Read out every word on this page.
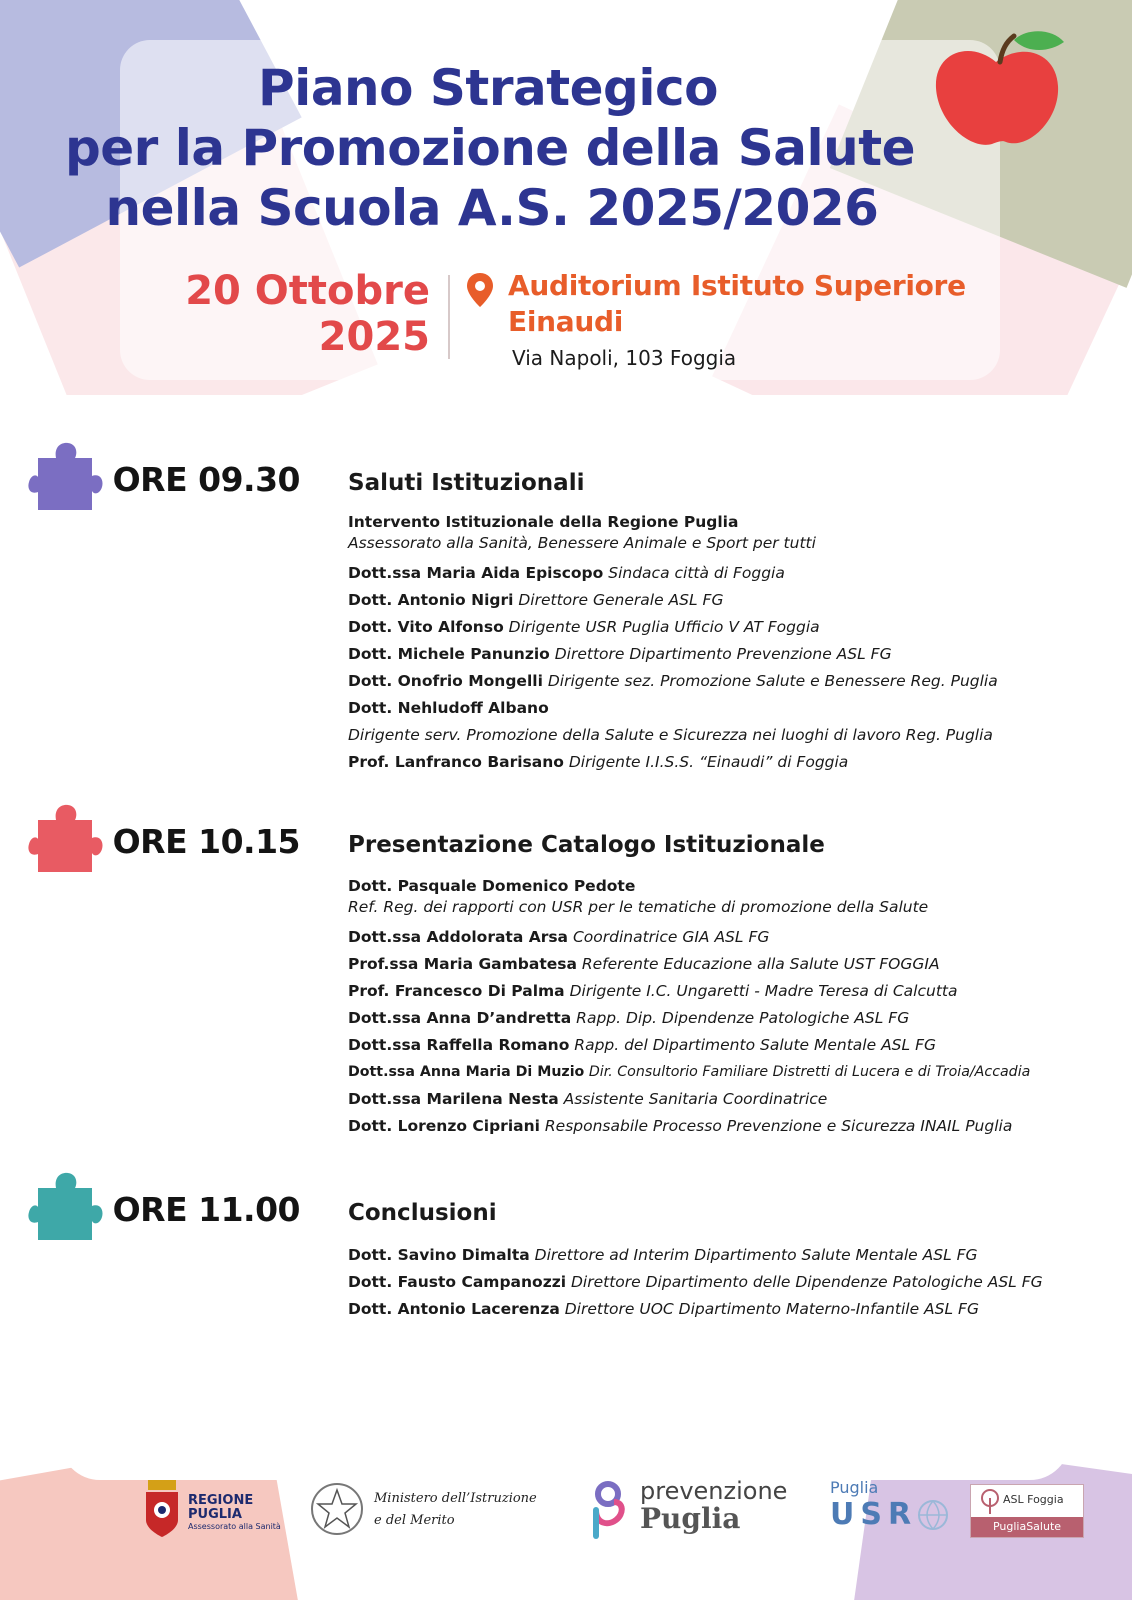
Piano Strategico
per la Promozione della Salute
nella Scuola A.S. 2025/2026
20 Ottobre
2025
Auditorium Istituto Superiore
Einaudi
Via Napoli, 103 Foggia
ORE 09.30 Saluti Istituzionali
Intervento Istituzionale della Regione Puglia
Assessorato alla Sanità, Benessere Animale e Sport per tutti
Dott.ssa Maria Aida Episcopo Sindaca città di Foggia
Dott. Antonio Nigri Direttore Generale ASL FG
Dott. Vito Alfonso Dirigente USR Puglia Ufficio V AT Foggia
Dott. Michele Panunzio Direttore Dipartimento Prevenzione ASL FG
Dott. Onofrio Mongelli Dirigente sez. Promozione Salute e Benessere Reg. Puglia
Dott. Nehludoff Albano
Dirigente serv. Promozione della Salute e Sicurezza nei luoghi di lavoro Reg. Puglia
Prof. Lanfranco Barisano Dirigente I.I.S.S. “Einaudi” di Foggia
ORE 10.15 Presentazione Catalogo Istituzionale
Dott. Pasquale Domenico Pedote
Ref. Reg. dei rapporti con USR per le tematiche di promozione della Salute
Dott.ssa Addolorata Arsa Coordinatrice GIA ASL FG
Prof.ssa Maria Gambatesa Referente Educazione alla Salute UST FOGGIA
Prof. Francesco Di Palma Dirigente I.C. Ungaretti - Madre Teresa di Calcutta
Dott.ssa Anna D’andretta Rapp. Dip. Dipendenze Patologiche ASL FG
Dott.ssa Raffella Romano Rapp. del Dipartimento Salute Mentale ASL FG
Dott.ssa Anna Maria Di Muzio Dir. Consultorio Familiare Distretti di Lucera e di Troia/Accadia
Dott.ssa Marilena Nesta Assistente Sanitaria Coordinatrice
Dott. Lorenzo Cipriani Responsabile Processo Prevenzione e Sicurezza INAIL Puglia
ORE 11.00 Conclusioni
Dott. Savino Dimalta Direttore ad Interim Dipartimento Salute Mentale ASL FG
Dott. Fausto Campanozzi Direttore Dipartimento delle Dipendenze Patologiche ASL FG
Dott. Antonio Lacerenza Direttore UOC Dipartimento Materno-Infantile ASL FG
REGIONE PUGLIA
Assessorato alla Sanità
Ministero dell’Istruzione
e del Merito
prevenzione
Puglia
Puglia
USR	ASL Foggia
PugliaSalute
